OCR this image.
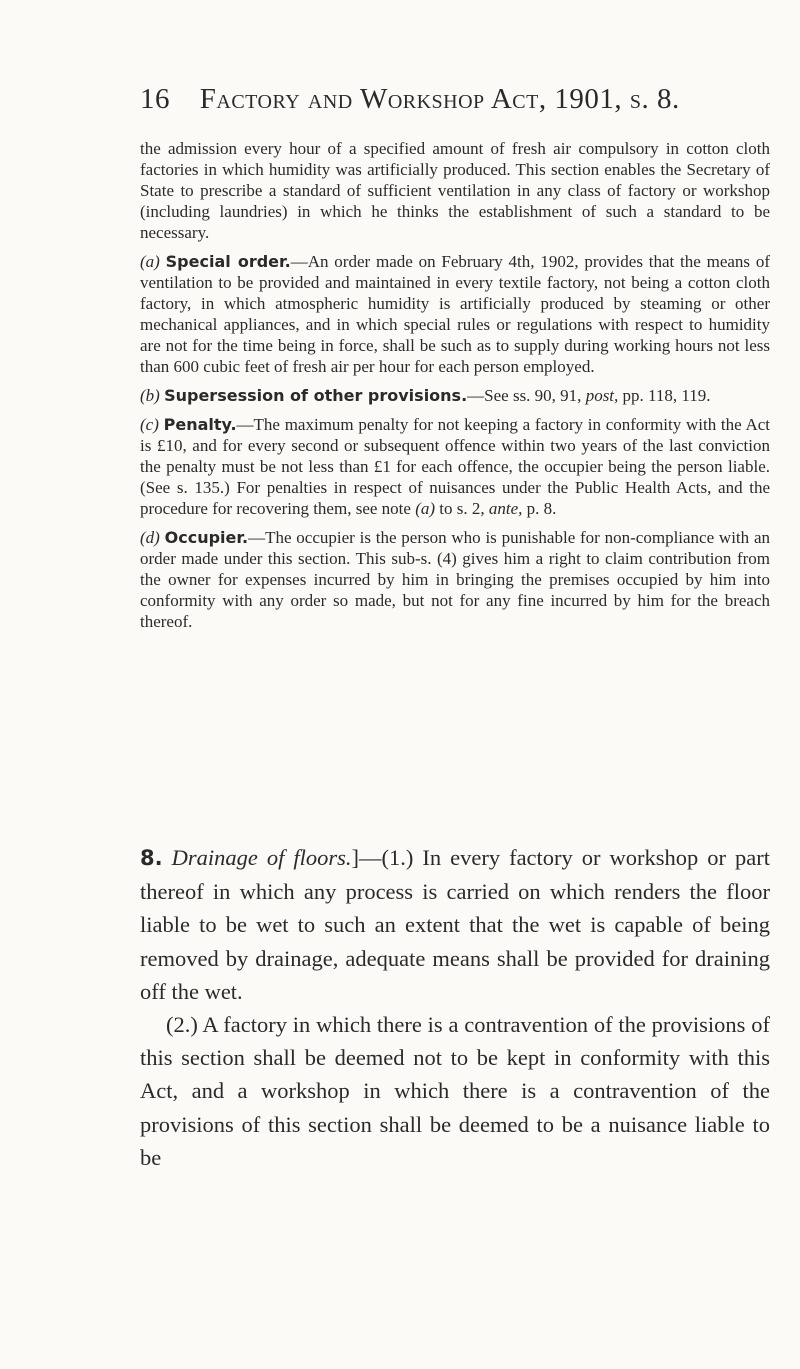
16 Factory and Workshop Act, 1901, s. 8.

the admission every hour of a specified amount of fresh air compulsory in cotton cloth factories in which humidity was artificially produced. This section enables the Secretary of State to prescribe a standard of sufficient ventilation in any class of factory or workshop (including laundries) in which he thinks the establishment of such a standard to be necessary.

(a) Special order.—An order made on February 4th, 1902, provides that the means of ventilation to be provided and maintained in every textile factory, not being a cotton cloth factory, in which atmospheric humidity is artificially produced by steaming or other mechanical appliances, and in which special rules or regulations with respect to humidity are not for the time being in force, shall be such as to supply during working hours not less than 600 cubic feet of fresh air per hour for each person employed.

(b) Supersession of other provisions.—See ss. 90, 91, post, pp. 118, 119.

(c) Penalty.—The maximum penalty for not keeping a factory in conformity with the Act is £10, and for every second or subsequent offence within two years of the last conviction the penalty must be not less than £1 for each offence, the occupier being the person liable. (See s. 135.) For penalties in respect of nuisances under the Public Health Acts, and the procedure for recovering them, see note (a) to s. 2, ante, p. 8.

(d) Occupier.—The occupier is the person who is punishable for non-compliance with an order made under this section. This sub-s. (4) gives him a right to claim contribution from the owner for expenses incurred by him in bringing the premises occupied by him into conformity with any order so made, but not for any fine incurred by him for the breach thereof.

8. Drainage of floors.]—(1.) In every factory or workshop or part thereof in which any process is carried on which renders the floor liable to be wet to such an extent that the wet is capable of being removed by drainage, adequate means shall be provided for draining off the wet.

(2.) A factory in which there is a contravention of the provisions of this section shall be deemed not to be kept in conformity with this Act, and a workshop in which there is a contravention of the provisions of this section shall be deemed to be a nuisance liable to be
